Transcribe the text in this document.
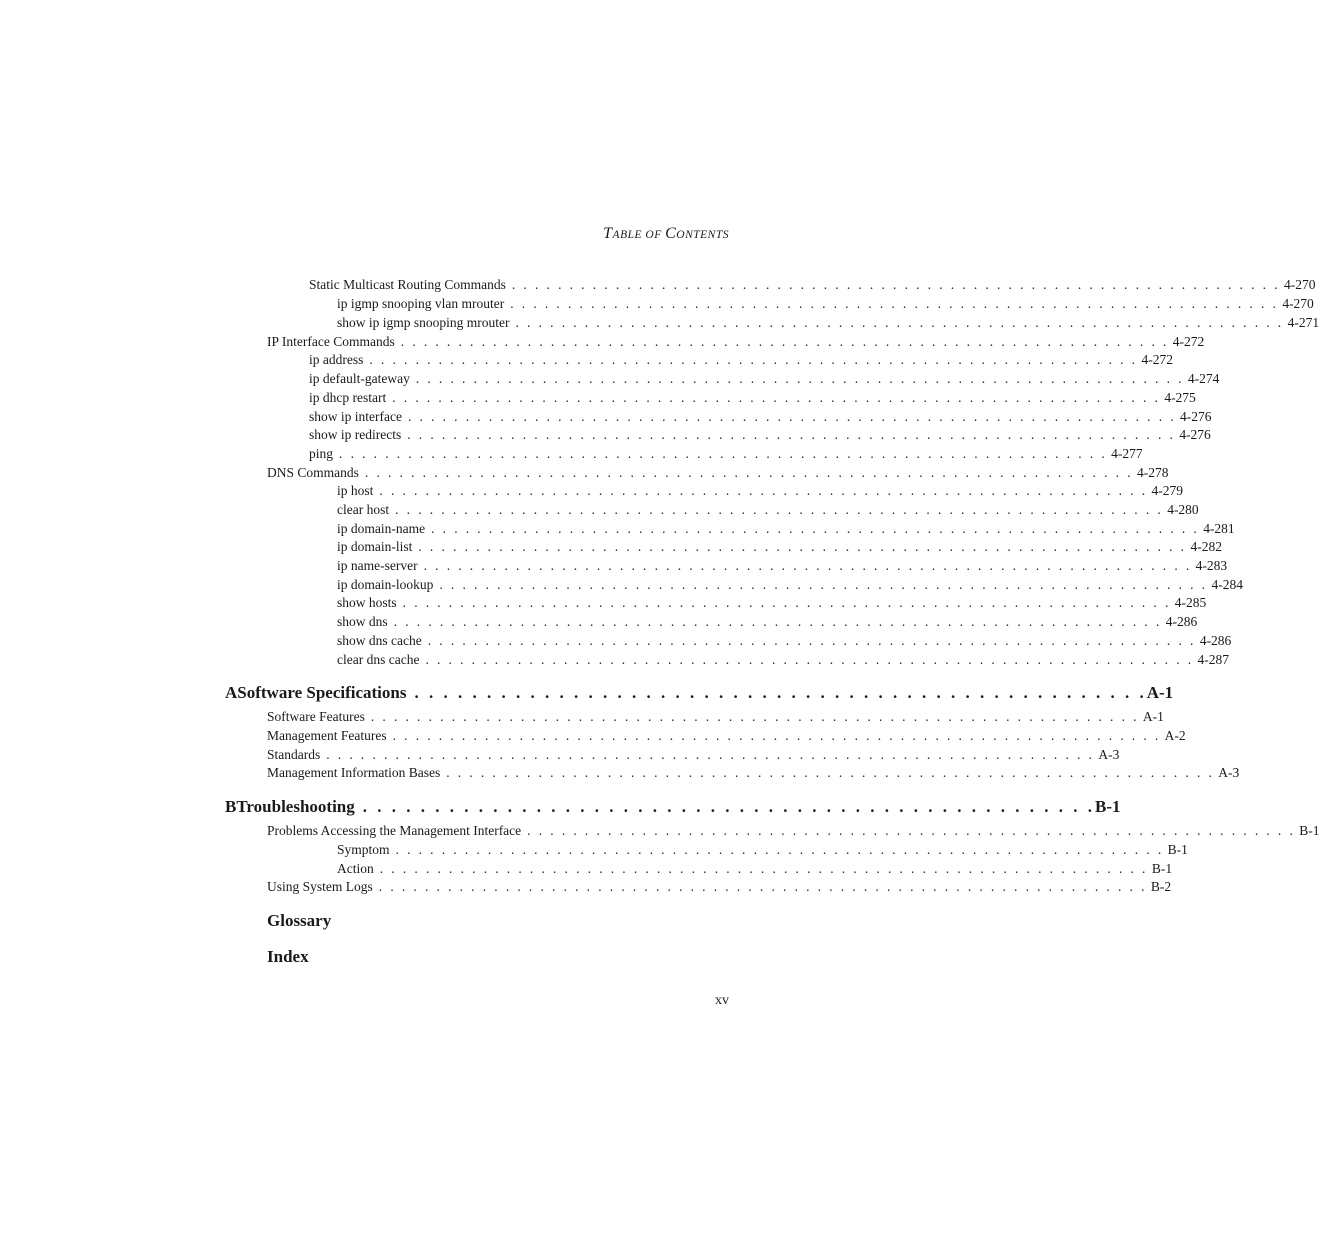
TABLE OF CONTENTS
Static Multicast Routing Commands . . . . . . . . . . . . . . . . . . . . . . . . . . . . . . . . . . . . . . . . . . . . . . . . . . . . . . . . . . . . . . . . . . . 4-270
ip igmp snooping vlan mrouter . . . . . . . . . . . . . . . . . . . . . . . . . . . . . . . . . . . . . . . . . . . . . . . . . . . . . . . . . . . . . . . . . . . 4-270
show ip igmp snooping mrouter . . . . . . . . . . . . . . . . . . . . . . . . . . . . . . . . . . . . . . . . . . . . . . . . . . . . . . . . . . . . . . . . . . . 4-271
IP Interface Commands . . . . . . . . . . . . . . . . . . . . . . . . . . . . . . . . . . . . . . . . . . . . . . . . . . . . . . . . . . . . . . . . . . . 4-272
ip address . . . . . . . . . . . . . . . . . . . . . . . . . . . . . . . . . . . . . . . . . . . . . . . . . . . . . . . . . . . . . . . . . . . 4-272
ip default-gateway . . . . . . . . . . . . . . . . . . . . . . . . . . . . . . . . . . . . . . . . . . . . . . . . . . . . . . . . . . . . . . . . . . . 4-274
ip dhcp restart . . . . . . . . . . . . . . . . . . . . . . . . . . . . . . . . . . . . . . . . . . . . . . . . . . . . . . . . . . . . . . . . . . . 4-275
show ip interface . . . . . . . . . . . . . . . . . . . . . . . . . . . . . . . . . . . . . . . . . . . . . . . . . . . . . . . . . . . . . . . . . . . 4-276
show ip redirects . . . . . . . . . . . . . . . . . . . . . . . . . . . . . . . . . . . . . . . . . . . . . . . . . . . . . . . . . . . . . . . . . . . 4-276
ping . . . . . . . . . . . . . . . . . . . . . . . . . . . . . . . . . . . . . . . . . . . . . . . . . . . . . . . . . . . . . . . . . . . 4-277
DNS Commands . . . . . . . . . . . . . . . . . . . . . . . . . . . . . . . . . . . . . . . . . . . . . . . . . . . . . . . . . . . . . . . . . . . 4-278
ip host . . . . . . . . . . . . . . . . . . . . . . . . . . . . . . . . . . . . . . . . . . . . . . . . . . . . . . . . . . . . . . . . . . . 4-279
clear host . . . . . . . . . . . . . . . . . . . . . . . . . . . . . . . . . . . . . . . . . . . . . . . . . . . . . . . . . . . . . . . . . . . 4-280
ip domain-name . . . . . . . . . . . . . . . . . . . . . . . . . . . . . . . . . . . . . . . . . . . . . . . . . . . . . . . . . . . . . . . . . . . 4-281
ip domain-list . . . . . . . . . . . . . . . . . . . . . . . . . . . . . . . . . . . . . . . . . . . . . . . . . . . . . . . . . . . . . . . . . . . 4-282
ip name-server . . . . . . . . . . . . . . . . . . . . . . . . . . . . . . . . . . . . . . . . . . . . . . . . . . . . . . . . . . . . . . . . . . . 4-283
ip domain-lookup . . . . . . . . . . . . . . . . . . . . . . . . . . . . . . . . . . . . . . . . . . . . . . . . . . . . . . . . . . . . . . . . . . . 4-284
show hosts . . . . . . . . . . . . . . . . . . . . . . . . . . . . . . . . . . . . . . . . . . . . . . . . . . . . . . . . . . . . . . . . . . . 4-285
show dns . . . . . . . . . . . . . . . . . . . . . . . . . . . . . . . . . . . . . . . . . . . . . . . . . . . . . . . . . . . . . . . . . . . 4-286
show dns cache . . . . . . . . . . . . . . . . . . . . . . . . . . . . . . . . . . . . . . . . . . . . . . . . . . . . . . . . . . . . . . . . . . . 4-286
clear dns cache . . . . . . . . . . . . . . . . . . . . . . . . . . . . . . . . . . . . . . . . . . . . . . . . . . . . . . . . . . . . . . . . . . . 4-287
A Software Specifications . . . . . . . . . . . . . . . . . . . . . . . . . . . . . . . . . . . . . . . . . . . . . . . . . . . A-1
Software Features . . . . . . . . . . . . . . . . . . . . . . . . . . . . . . . . . . . . . . . . . . . . . . . . . . . . . . . . . . . . . . . . . . . A-1
Management Features . . . . . . . . . . . . . . . . . . . . . . . . . . . . . . . . . . . . . . . . . . . . . . . . . . . . . . . . . . . . . . . . . . . A-2
Standards . . . . . . . . . . . . . . . . . . . . . . . . . . . . . . . . . . . . . . . . . . . . . . . . . . . . . . . . . . . . . . . . . . . A-3
Management Information Bases . . . . . . . . . . . . . . . . . . . . . . . . . . . . . . . . . . . . . . . . . . . . . . . . . . . . . . . . . . . . . . . . . . . A-3
B Troubleshooting . . . . . . . . . . . . . . . . . . . . . . . . . . . . . . . . . . . . . . . . . . . . . . . . . . . B-1
Problems Accessing the Management Interface . . . . . . . . . . . . . . . . . . . . . . . . . . . . . . . . . . . . . . . . . . . . . . . . . . . . . . . . . . . . . . . . . . . B-1
Symptom . . . . . . . . . . . . . . . . . . . . . . . . . . . . . . . . . . . . . . . . . . . . . . . . . . . . . . . . . . . . . . . . . . . B-1
Action . . . . . . . . . . . . . . . . . . . . . . . . . . . . . . . . . . . . . . . . . . . . . . . . . . . . . . . . . . . . . . . . . . . B-1
Using System Logs . . . . . . . . . . . . . . . . . . . . . . . . . . . . . . . . . . . . . . . . . . . . . . . . . . . . . . . . . . . . . . . . . . . B-2
Glossary
Index
xv
